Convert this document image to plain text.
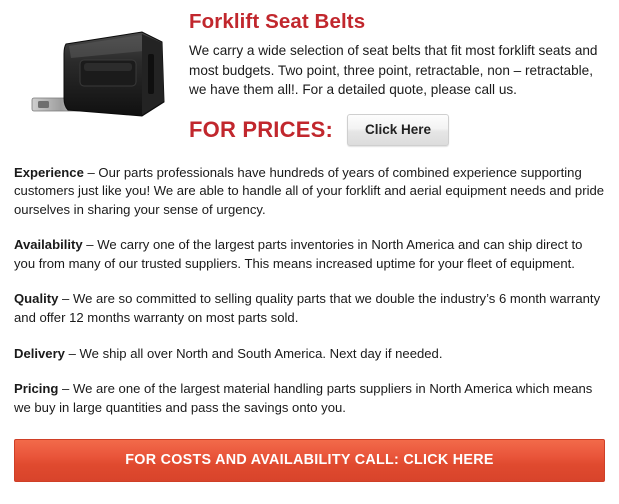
Forklift Seat Belts

We carry a wide selection of seat belts that fit most forklift seats and most budgets. Two point, three point, retractable, non – retractable, we have them all!. For a detailed quote, please call us.

FOR PRICES:	Click Here

Experience – Our parts professionals have hundreds of years of combined experience supporting customers just like you! We are able to handle all of your forklift and aerial equipment needs and pride ourselves in sharing your sense of urgency.

Availability – We carry one of the largest parts inventories in North America and can ship direct to you from many of our trusted suppliers. This means increased uptime for your fleet of equipment.

Quality – We are so committed to selling quality parts that we double the industry’s 6 month warranty and offer 12 months warranty on most parts sold.

Delivery – We ship all over North and South America. Next day if needed.

Pricing – We are one of the largest material handling parts suppliers in North America which means we buy in large quantities and pass the savings onto you.

FOR COSTS AND AVAILABILITY CALL: CLICK HERE
